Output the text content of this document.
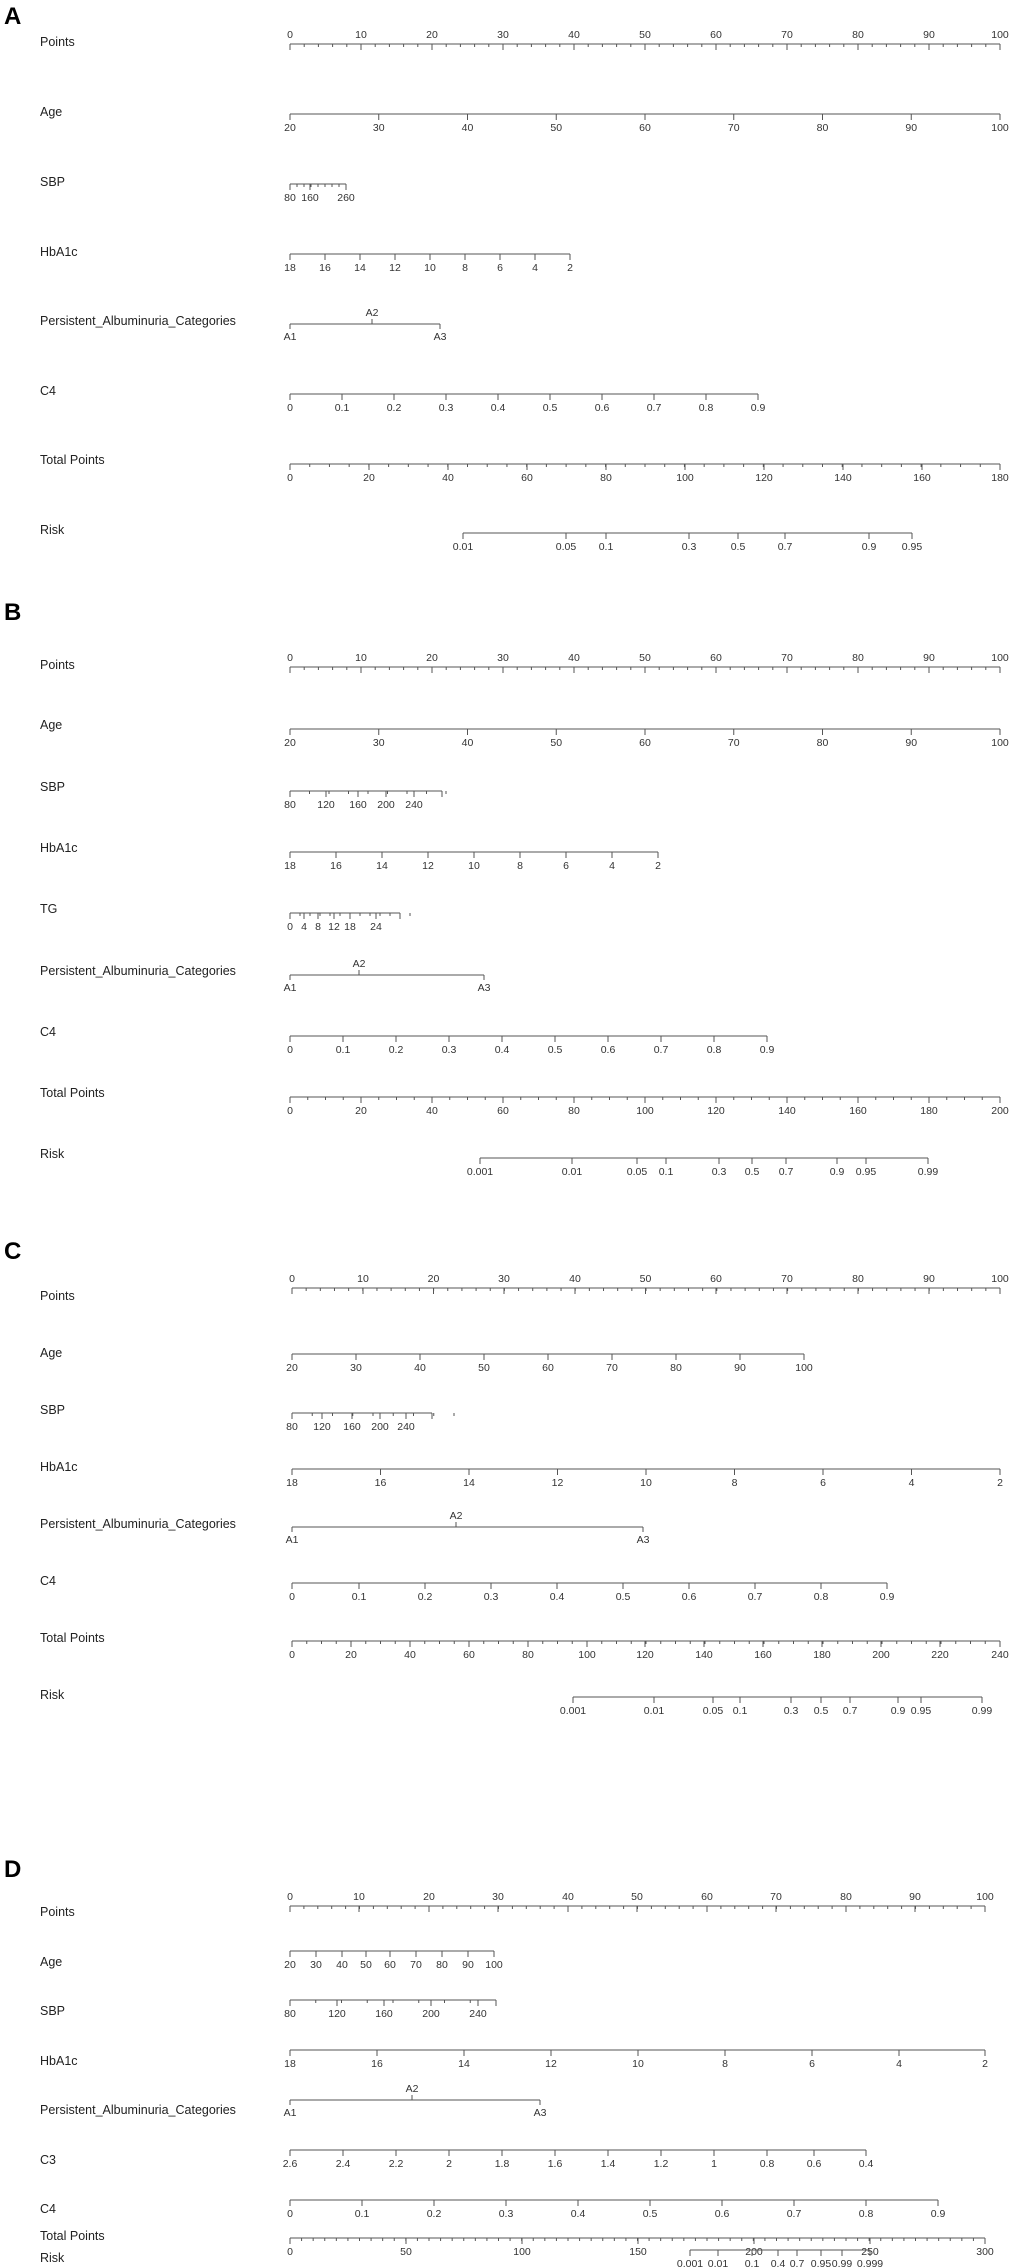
A
Points	0	10	20	30	40	50	60	70	80	90	100
Age
20	30	40	50	60	70	80	90	100
SBP
80 160 260
HbA1c
18 16 14 12 10 8	6	4	2
Persistent_Albuminuria_Categories
A1	A3
A2
C4
0	0.1	0.2	0.3	0.4	0.5	0.6	0.7	0.8	0.9
Total Points
0	20	40	60	80	100	120	140	160	180
Risk
0.01	0.05 0.1	0.3	0.5	0.7	0.9 0.95
B
Points	0	10	20	30	40	50	60	70	80	90	100
Age
20	30	40	50	60	70	80	90	100
SBP
80 120 160 200 240
HbA1c
18	16	14	12	10	8	6	4	2
TG
0 4 8 12 18 24
Persistent_Albuminuria_Categories
A1	A3
A2
C4
0	0.1	0.2	0.3	0.4	0.5	0.6	0.7	0.8	0.9
Total Points
0	20	40	60	80	100	120	140	160	180	200
Risk
0.001	0.01	0.05 0.1	0.3 0.5 0.7	0.9 0.95	0.99
C
Points
0	10	20	30	40	50	60	70	80	90	100
Age
20	30	40	50	60	70	80	90	100
SBP
80 120 160 200 240
HbA1c
18	16	14	12	10	8	6	4	2
Persistent_Albuminuria_Categories
A1	A3
A2
C4
0	0.1	0.2	0.3	0.4	0.5	0.6	0.7	0.8	0.9
Total Points
0	20	40	60	80	100	120	140	160	180	200	220	240
Risk
0.001	0.01	0.05 0.1	0.3 0.5 0.7	0.9 0.95	0.99
D
Points
0	10	20	30	40	50	60	70	80	90	100
Age	20 30 40 50 60 70 80 90 100
SBP	80	120	160	200	240
HbA1c	18	16	14	12	10	8	6	4	2
Persistent_Albuminuria_Categories	A1	A3
A2
C3	2.6	2.4	2.2	2	1.8	1.6	1.4	1.2	1	0.8	0.6	0.4
C4	0	0.1	0.2	0.3	0.4	0.5	0.6	0.7	0.8	0.9
Total Points
0	50	100	150	200	250	300
Risk	0.001 0.01 0.1 0.4 0.7 0.95 0.99 0.999
